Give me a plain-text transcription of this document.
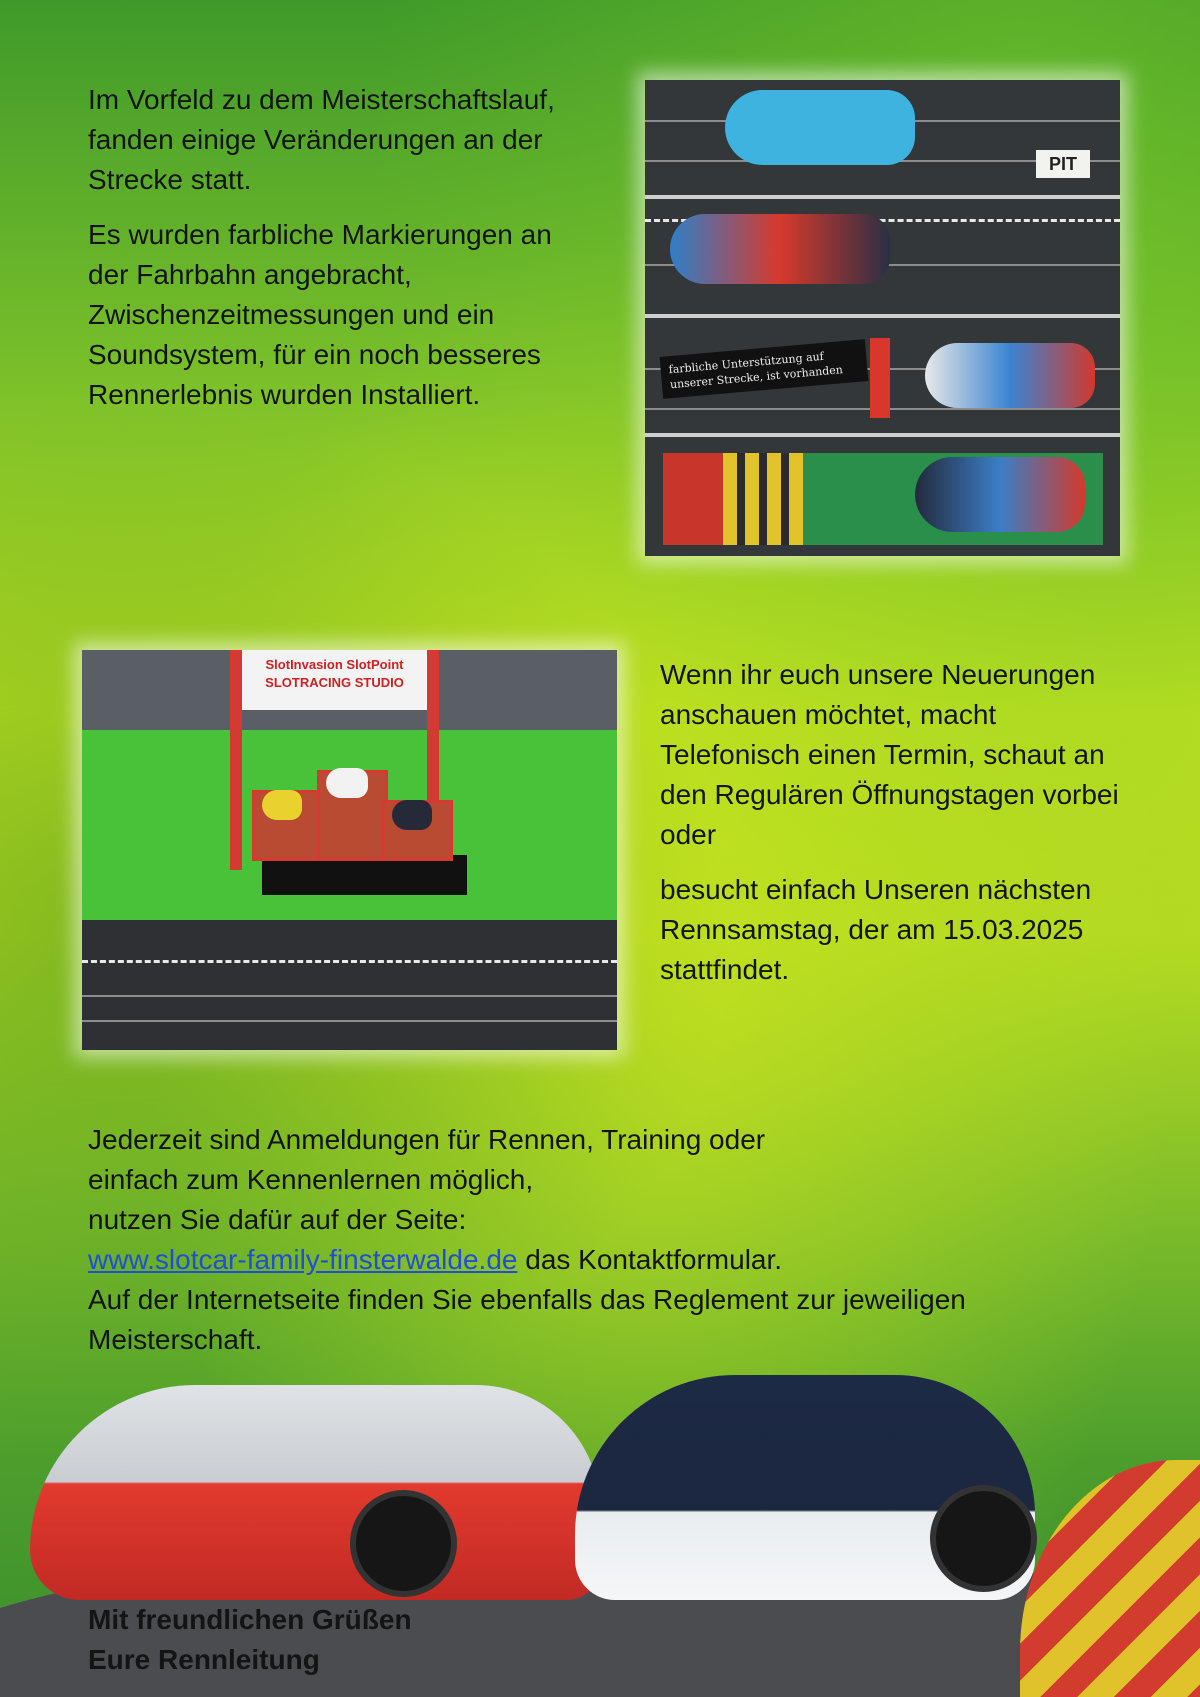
Im Vorfeld zu dem Meisterschaftslauf, fanden einige Veränderungen an der Strecke statt.

Es wurden farbliche Markierungen an der Fahrbahn angebracht, Zwischenzeitmessungen und ein Soundsystem, für ein noch besseres Rennerlebnis wurden Installiert.

PIT
farbliche Unterstützung auf unserer Strecke, ist vorhanden
SlotInvasion SlotPoint
SLOTRACING STUDIO	Wenn ihr euch unsere Neuerungen anschauen möchtet, macht Telefonisch einen Termin, schaut an den Regulären Öffnungstagen vorbei oder

besucht einfach Unseren nächsten Rennsamstag, der am 15.03.2025 stattfindet.

Jederzeit sind Anmeldungen für Rennen, Training oder
einfach zum Kennenlernen möglich,
nutzen Sie dafür auf der Seite:
www.slotcar-family-finsterwalde.de das Kontaktformular.
Auf der Internetseite finden Sie ebenfalls das Reglement zur jeweiligen
Meisterschaft.
Mit freundlichen Grüßen
Eure Rennleitung
